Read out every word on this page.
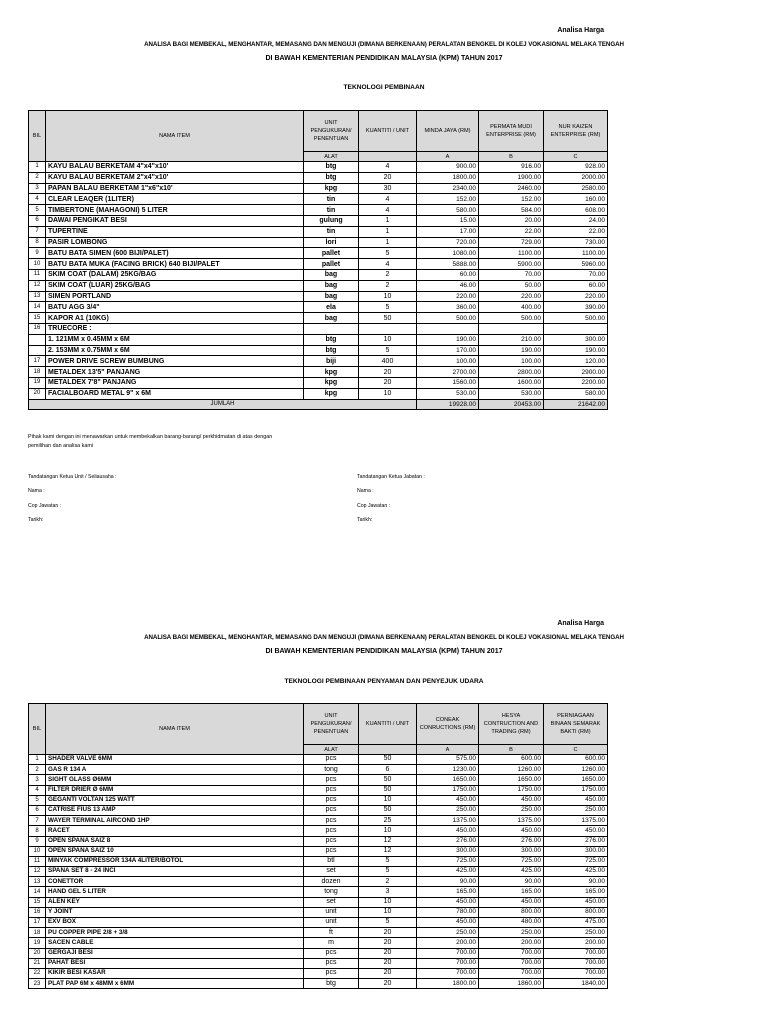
Analisa Harga
ANALISA BAGI MEMBEKAL, MENGHANTAR, MEMASANG DAN MENGUJI (DIMANA BERKENAAN) PERALATAN BENGKEL DI KOLEJ VOKASIONAL MELAKA TENGAH
DI BAWAH KEMENTERIAN PENDIDIKAN MALAYSIA (KPM) TAHUN 2017
TEKNOLOGI PEMBINAAN
BIL	NAMA ITEM	UNIT PENGUKURAN/ PENENTUAN	KUANTITI / UNIT	MINDA JAYA (RM)	PERMATA MUDI ENTERPRISE (RM)	NUR KAIZEN ENTERPRISE (RM)
		ALAT		A	B	C
1	KAYU BALAU BERKETAM 4"x4"x10'	btg	4	900.00	916.00	928.00
2	KAYU BALAU BERKETAM 2"x4"x10'	btg	20	1800.00	1900.00	2000.00
3	PAPAN BALAU BERKETAM 1"x6"x10'	kpg	30	2340.00	2460.00	2580.00
4	CLEAR LEAQER (1LITER)	tin	4	152.00	152.00	160.00
5	TIMBERTONE (MAHAGONI) 5 LITER	tin	4	580.00	584.00	608.00
6	DAWAI PENGIKAT BESI	gulung	1	15.00	20.00	24.00
7	TUPERTINE	tin	1	17.00	22.00	22.00
8	PASIR LOMBONG	lori	1	720.00	729.00	730.00
9	BATU BATA SIMEN (600 BIJI/PALET)	pallet	5	1080.00	1100.00	1100.00
10	BATU BATA MUKA (FACING BRICK) 640 BIJI/PALET	pallet	4	5888.00	5900.00	5960.00
11	SKIM COAT (DALAM) 25KG/BAG	bag	2	60.00	70.00	70.00
12	SKIM COAT (LUAR) 25KG/BAG	bag	2	46.00	50.00	60.00
13	SIMEN PORTLAND	bag	10	220.00	220.00	220.00
14	BATU AGG 3/4"	ela	5	360.00	400.00	390.00
15	KAPOR A1 (10KG)	bag	50	500.00	500.00	500.00
16	TRUECORE :					
	1. 121MM x 0.45MM x 6M	btg	10	190.00	210.00	300.00
	2. 153MM x 0.75MM x 6M	btg	5	170.00	190.00	190.00
17	POWER DRIVE SCREW BUMBUNG	biji	400	100.00	100.00	120.00
18	METALDEX 13'5" PANJANG	kpg	20	2700.00	2800.00	2900.00
19	METALDEX 7'8" PANJANG	kpg	20	1560.00	1600.00	2200.00
20	FACIALBOARD METAL 9" x 6M	kpg	10	530.00	530.00	580.00
JUMLAH				19928.00	20453.00	21642.00
Pihak kami dengan ini menawarkan untuk membekalkan barang-barang/ perkhidmatan di atas dengan
pemilihan dan analisa kami
Tandatangan Ketua Unit / Seliausaha :
Nama :
Cop Jawatan :
Tarikh:
Tandatangan Ketua Jabatan :
Nama :
Cop Jawatan :
Tarikh:
Analisa Harga
ANALISA BAGI MEMBEKAL, MENGHANTAR, MEMASANG DAN MENGUJI (DIMANA BERKENAAN) PERALATAN BENGKEL DI KOLEJ VOKASIONAL MELAKA TENGAH
DI BAWAH KEMENTERIAN PENDIDIKAN MALAYSIA (KPM) TAHUN 2017
TEKNOLOGI PEMBINAAN PENYAMAN DAN PENYEJUK UDARA
BIL	NAMA ITEM	UNIT PENGUKURAN/ PENENTUAN	KUANTITI / UNIT	CONEAK CONRUCTIONS (RM)	HESYA CONTRUCTION AND TRADING (RM)	PERNIAGAAN BINAAN SEMARAK BAKTI (RM)
		ALAT		A	B	C
1	SHADER VALVE 6MM	pcs	50	575.00	600.00	600.00
2	GAS R 134 A	tong	6	1230.00	1260.00	1260.00
3	SIGHT GLASS Ø6MM	pcs	50	1650.00	1650.00	1650.00
4	FILTER DRIER Ø 6MM	pcs	50	1750.00	1750.00	1750.00
5	GEGANTI VOLTAN 125 WATT	pcs	10	450.00	450.00	450.00
6	CATRISE FIUS 13 AMP	pcs	50	250.00	250.00	250.00
7	WAYER TERMINAL AIRCOND 1HP	pcs	25	1375.00	1375.00	1375.00
8	RACET	pcs	10	450.00	450.00	450.00
9	OPEN SPANA SAIZ 8	pcs	12	276.00	276.00	276.00
10	OPEN SPANA SAIZ 10	pcs	12	300.00	300.00	300.00
11	MINYAK COMPRESSOR 134A 4LITER/BOTOL	btl	5	725.00	725.00	725.00
12	SPANA SET 8 - 24 INCI	set	5	425.00	425.00	425.00
13	CONETTOR	dozen	2	90.00	90.00	90.00
14	HAND GEL 5 LITER	tong	3	165.00	165.00	165.00
15	ALEN KEY	set	10	450.00	450.00	450.00
16	Y JOINT	unit	10	780.00	800.00	800.00
17	EXV BOX	unit	5	450.00	480.00	475.00
18	PU COPPER PIPE 2/8 + 3/8	ft	20	250.00	250.00	250.00
19	SACEN CABLE	m	20	200.00	200.00	200.00
20	GERGAJI BESI	pcs	20	700.00	700.00	700.00
21	PAHAT BESI	pcs	20	700.00	700.00	700.00
22	KIKIR BESI KASAR	pcs	20	700.00	700.00	700.00
23	PLAT PAP 6M x 48MM x 6MM	btg	20	1800.00	1860.00	1840.00
